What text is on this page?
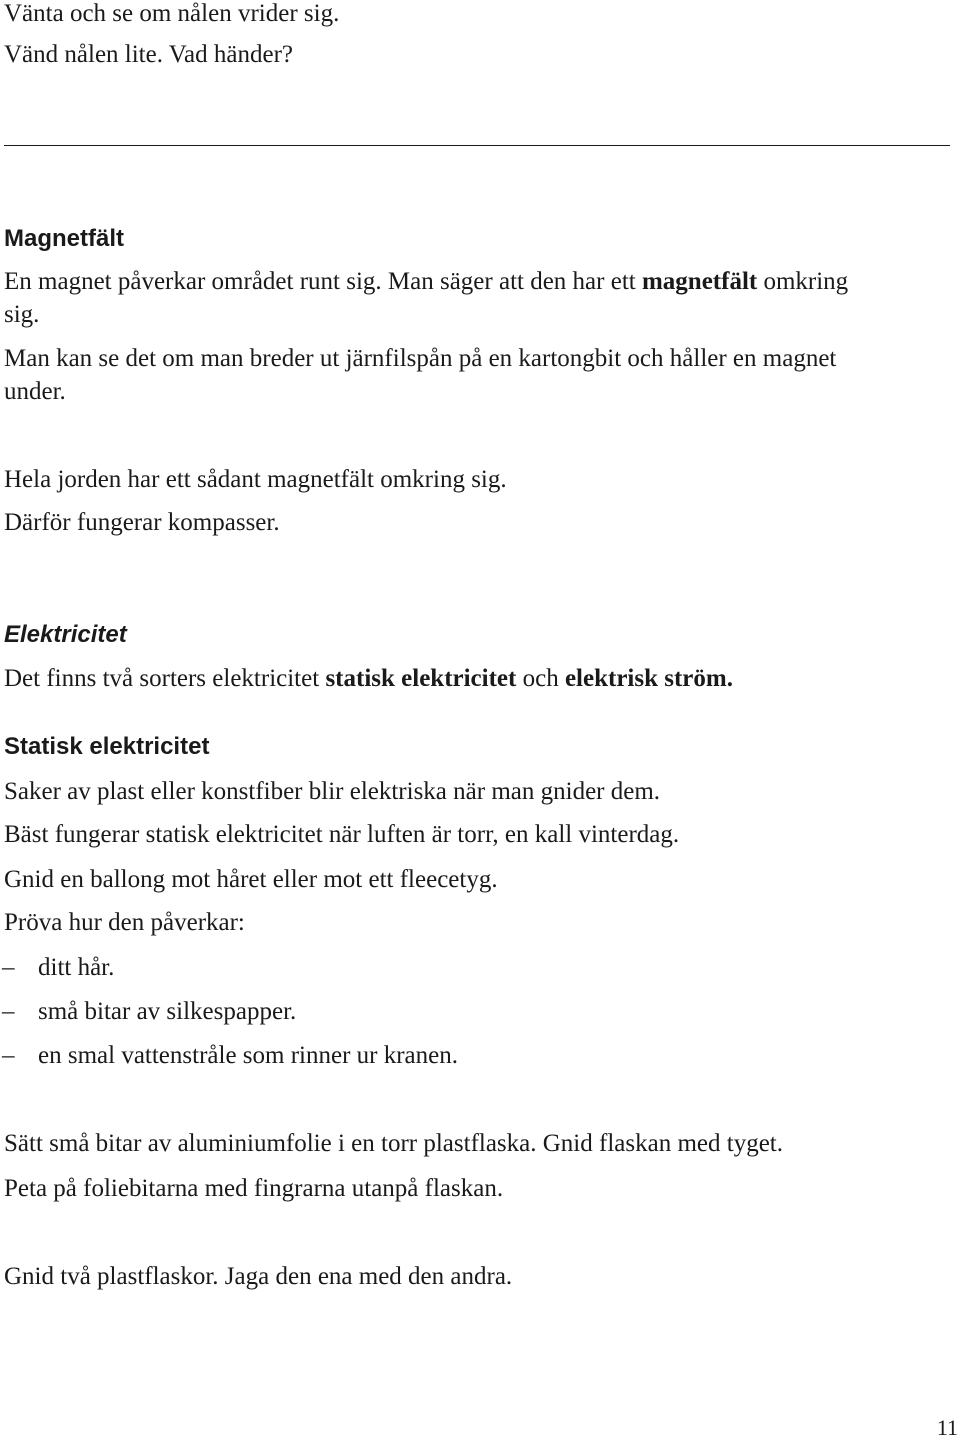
Vänta och se om nålen vrider sig.
Vänd nålen lite. Vad händer?
Magnetfält
En magnet påverkar området runt sig. Man säger att den har ett magnetfält omkring
sig.
Man kan se det om man breder ut järnfilspån på en kartongbit och håller en magnet
under.
Hela jorden har ett sådant magnetfält omkring sig.
Därför fungerar kompasser.
Elektricitet
Det finns två sorters elektricitet statisk elektricitet och elektrisk ström.
Statisk elektricitet
Saker av plast eller konstfiber blir elektriska när man gnider dem.
Bäst fungerar statisk elektricitet när luften är torr, en kall vinterdag.
Gnid en ballong mot håret eller mot ett fleecetyg.
Pröva hur den påverkar:
– ditt hår.
– små bitar av silkespapper.
– en smal vattenstråle som rinner ur kranen.
Sätt små bitar av aluminiumfolie i en torr plastflaska. Gnid flaskan med tyget.
Peta på foliebitarna med fingrarna utanpå flaskan.
Gnid två plastflaskor. Jaga den ena med den andra.
11
